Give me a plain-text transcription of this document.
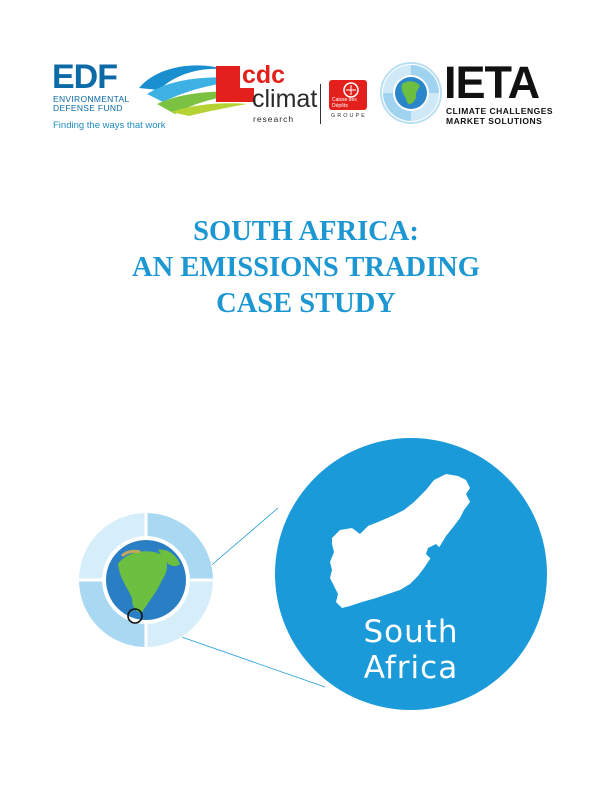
EDF
ENVIRONMENTAL
DEFENSE FUND
Finding the ways that work
cdc
climat
research
Caisse des Dépôts
GROUPE
IETA
CLIMATE CHALLENGES
MARKET SOLUTIONS
SOUTH AFRICA:
AN EMISSIONS TRADING
CASE STUDY
South
Africa
